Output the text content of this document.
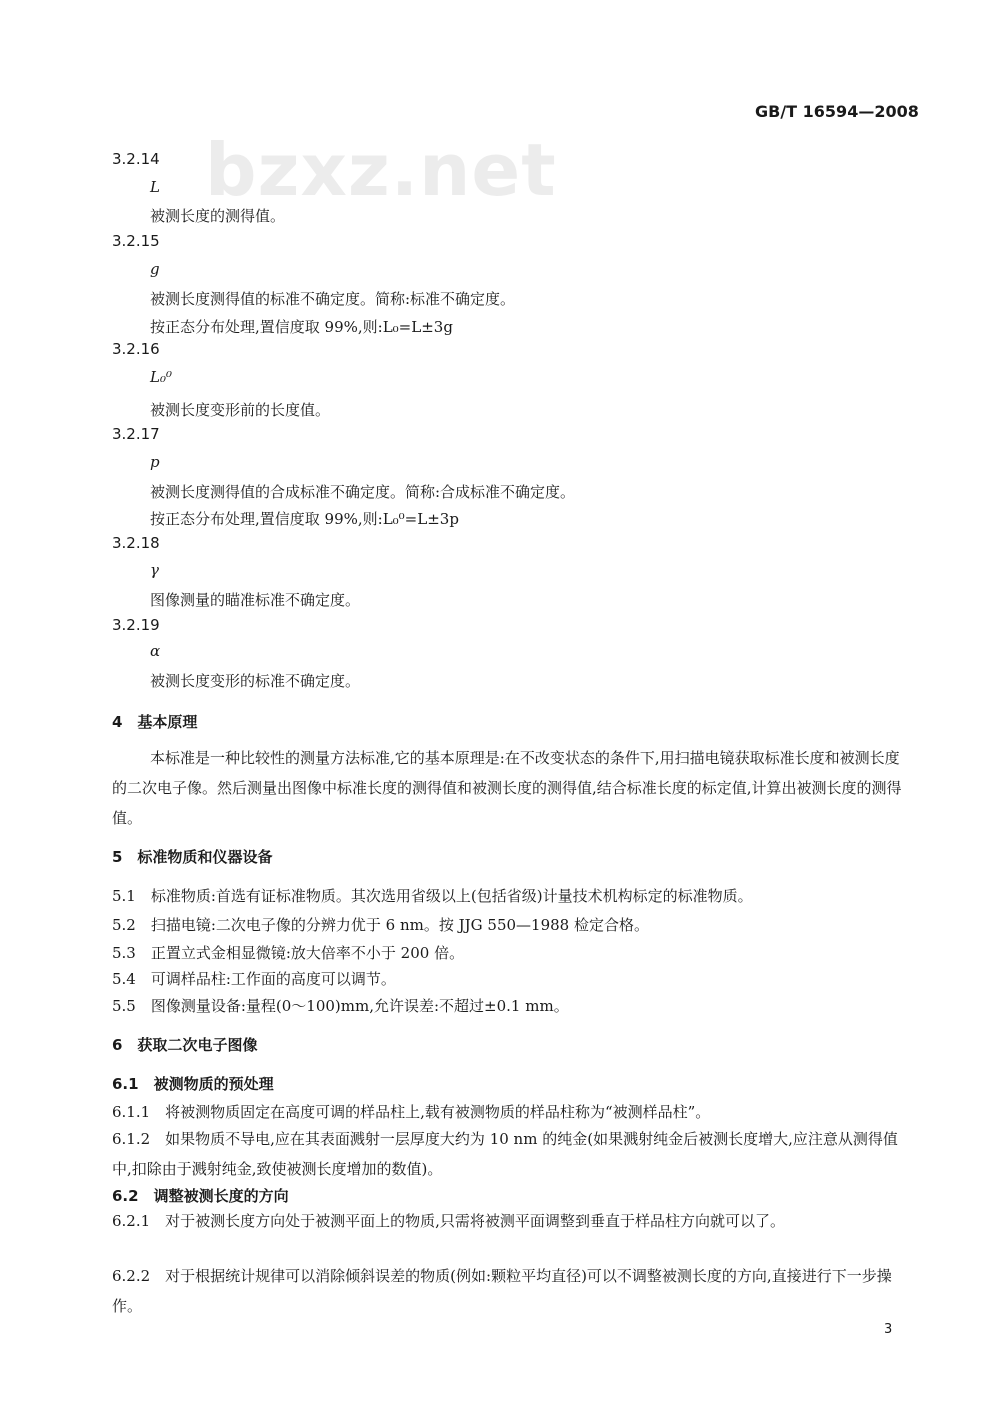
GB/T 16594—2008
bzxz.net
3.2.14
L
被测长度的测得值。
3.2.15
g
被测长度测得值的标准不确定度。简称:标准不确定度。
按正态分布处理,置信度取 99%,则:L₀=L±3g
3.2.16
L₀⁰
被测长度变形前的长度值。
3.2.17
p
被测长度测得值的合成标准不确定度。简称:合成标准不确定度。
按正态分布处理,置信度取 99%,则:L₀⁰=L±3p
3.2.18
γ
图像测量的瞄准标准不确定度。
3.2.19
α
被测长度变形的标准不确定度。
4　基本原理
本标准是一种比较性的测量方法标准,它的基本原理是:在不改变状态的条件下,用扫描电镜获取标准长度和被测长度的二次电子像。然后测量出图像中标准长度的测得值和被测长度的测得值,结合标准长度的标定值,计算出被测长度的测得值。
5　标准物质和仪器设备
5.1　标准物质:首选有证标准物质。其次选用省级以上(包括省级)计量技术机构标定的标准物质。
5.2　扫描电镜:二次电子像的分辨力优于 6 nm。按 JJG 550—1988 检定合格。
5.3　正置立式金相显微镜:放大倍率不小于 200 倍。
5.4　可调样品柱:工作面的高度可以调节。
5.5　图像测量设备:量程(0～100)mm,允许误差:不超过±0.1 mm。
6　获取二次电子图像
6.1　被测物质的预处理
6.1.1　将被测物质固定在高度可调的样品柱上,载有被测物质的样品柱称为“被测样品柱”。
6.1.2　如果物质不导电,应在其表面溅射一层厚度大约为 10 nm 的纯金(如果溅射纯金后被测长度增大,应注意从测得值中,扣除由于溅射纯金,致使被测长度增加的数值)。
6.2　调整被测长度的方向
6.2.1　对于被测长度方向处于被测平面上的物质,只需将被测平面调整到垂直于样品柱方向就可以了。
6.2.2　对于根据统计规律可以消除倾斜误差的物质(例如:颗粒平均直径)可以不调整被测长度的方向,直接进行下一步操作。
3
